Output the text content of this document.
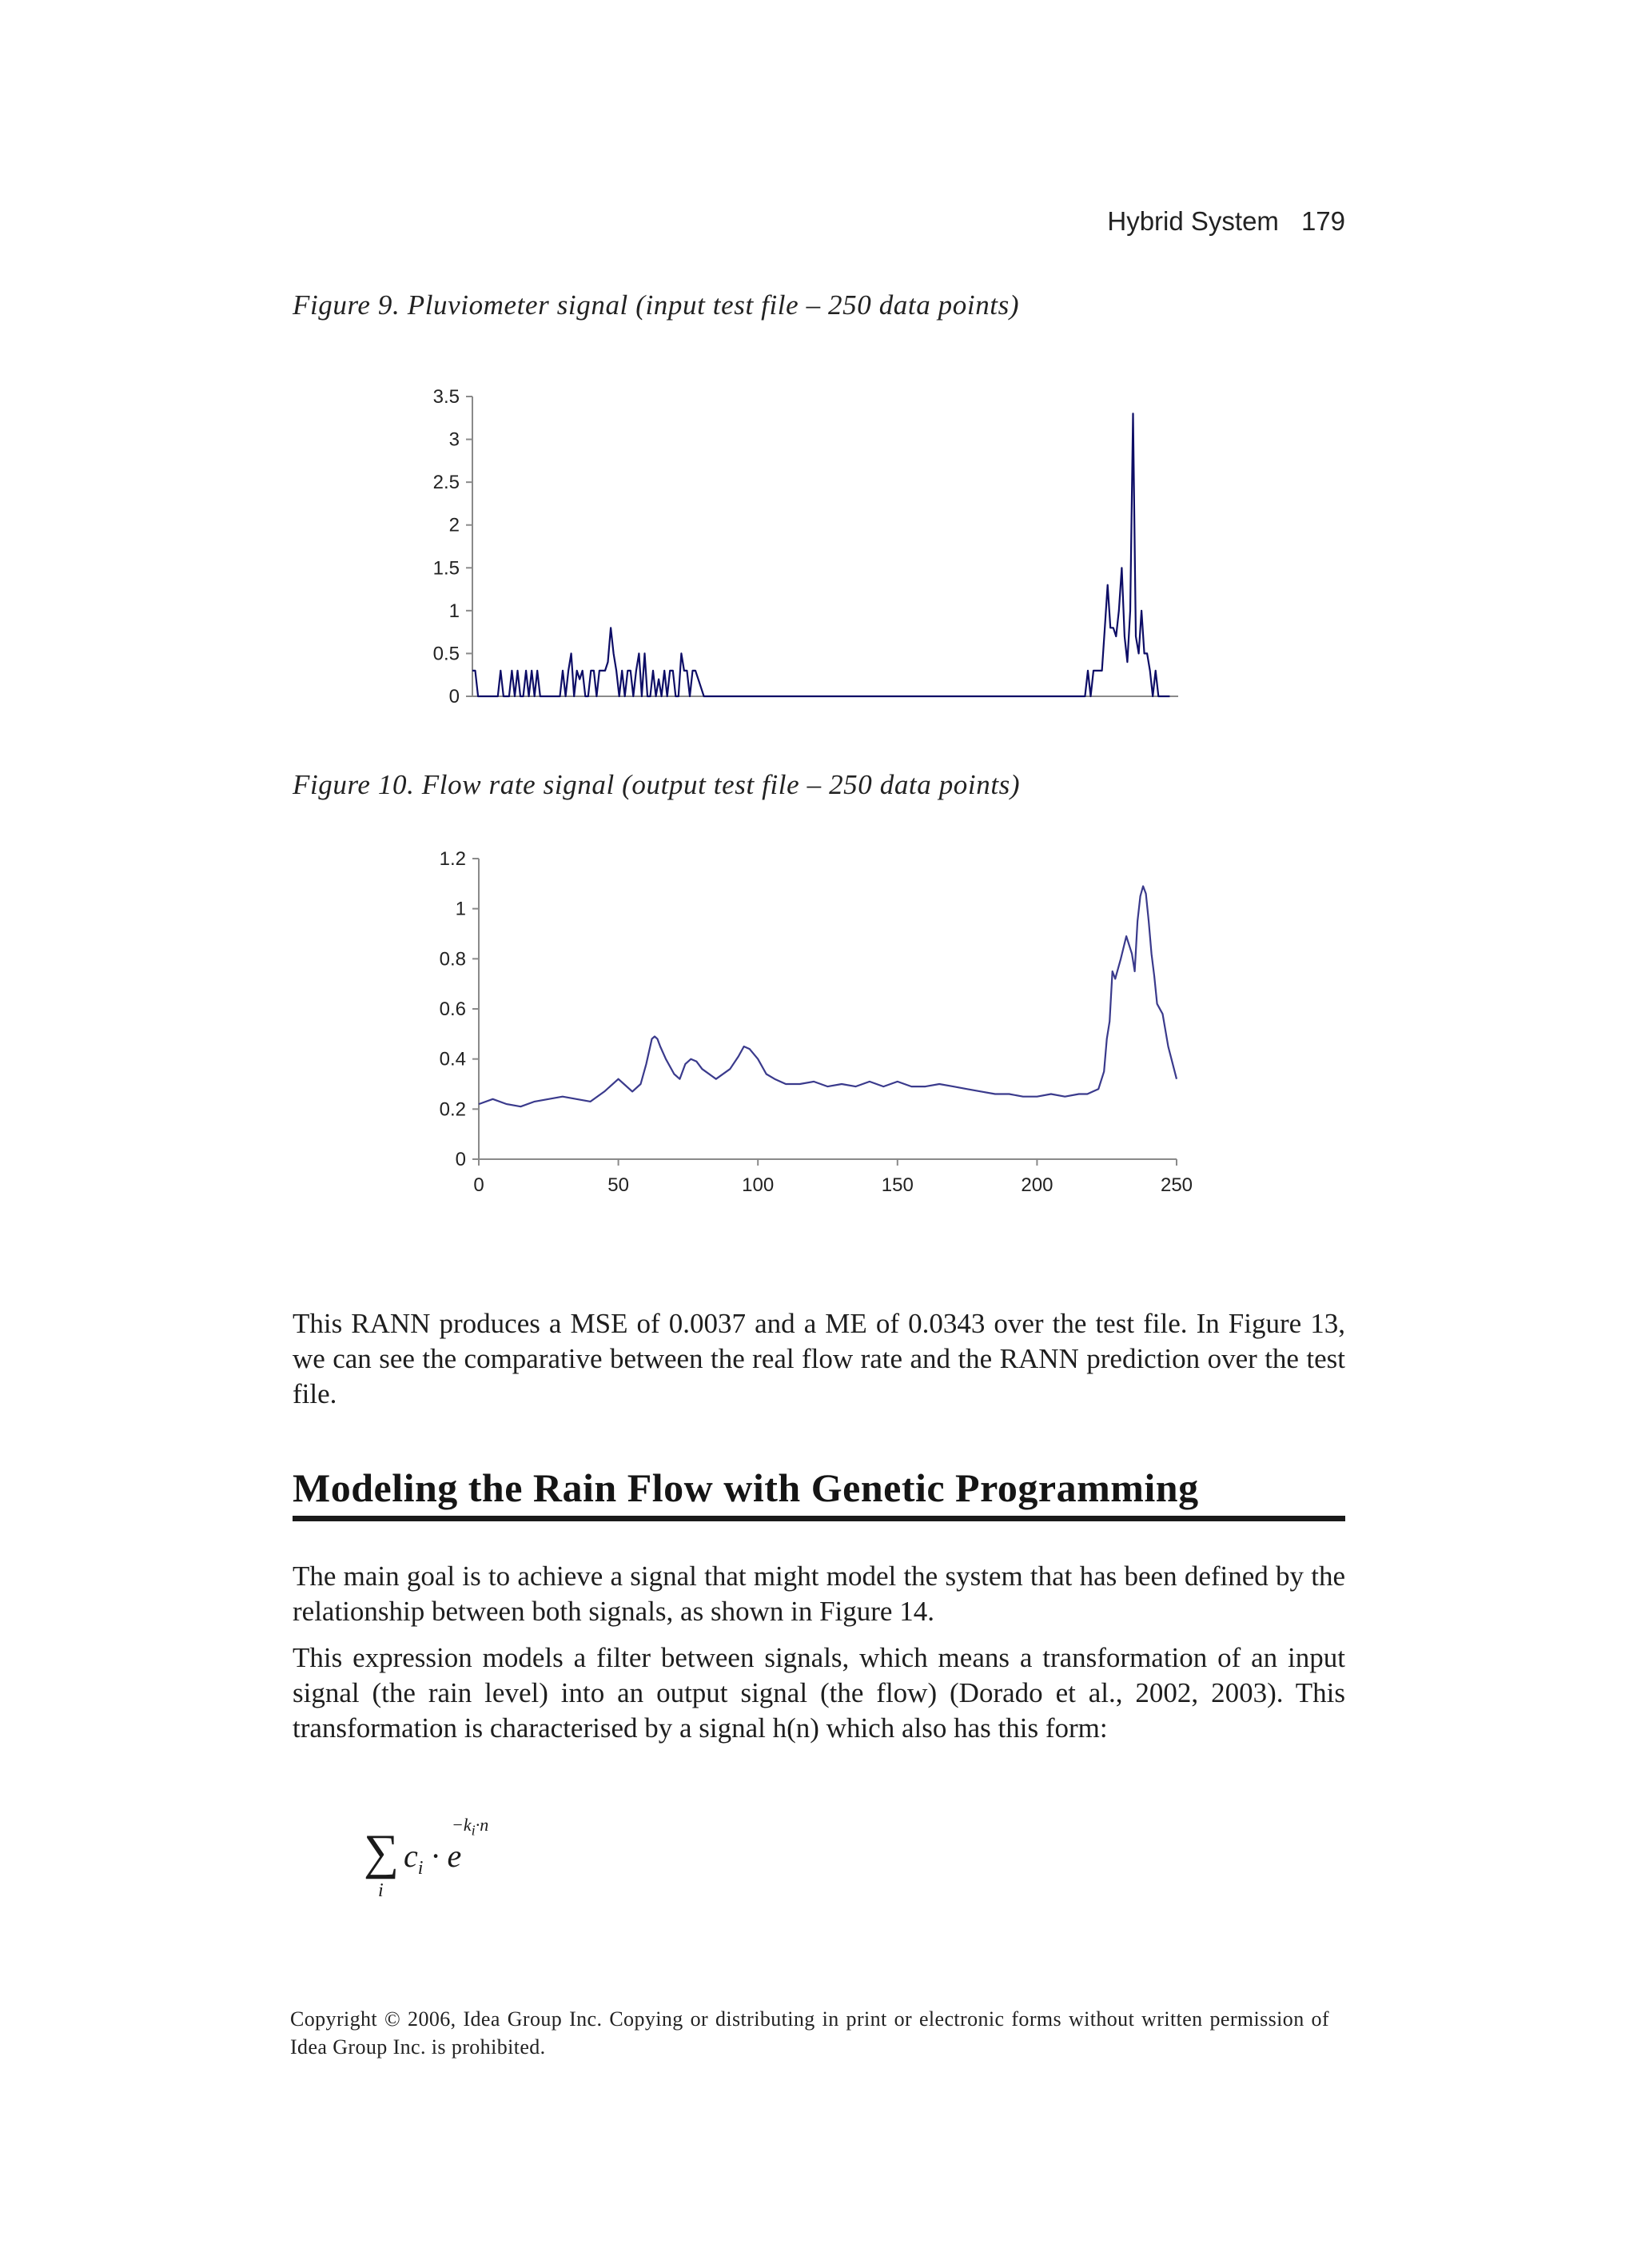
Hybrid System 179
Figure 9. Pluviometer signal (input test file – 250 data points)
0
0.5
1
1.5
2
2.5
3
3.5
Figure 10. Flow rate signal (output test file – 250 data points)
0
0.2
0.4
0.6
0.8
1
1.2
0	50	100	150	200	250
This RANN produces a MSE of 0.0037 and a ME of 0.0343 over the test file. In Figure 13, we can see the comparative between the real flow rate and the RANN prediction over the test file.
Modeling the Rain Flow with Genetic Programming
The main goal is to achieve a signal that might model the system that has been defined by the relationship between both signals, as shown in Figure 14.
This expression models a filter between signals, which means a transformation of an input signal (the rain level) into an output signal (the flow) (Dorado et al., 2002, 2003). This transformation is characterised by a signal h(n) which also has this form:
∑
i
$c_i \cdot e$
$-k_i\cdot n$
Copyright © 2006, Idea Group Inc. Copying or distributing in print or electronic forms without written permission of Idea Group Inc. is prohibited.
